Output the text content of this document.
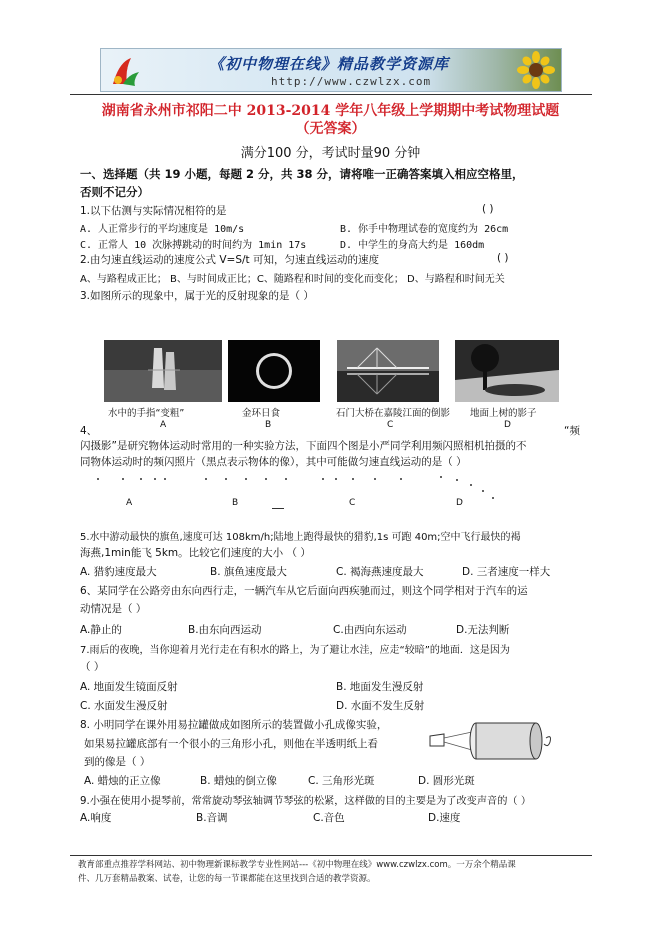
《初中物理在线》精品教学资源库
http://www.czwlzx.com
湖南省永州市祁阳二中 2013-2014 学年八年级上学期期中考试物理试题
（无答案）
满分100 分，考试时量90 分钟
一、选择题（共 19 小题，每题 2 分，共 38 分，请将唯一正确答案填入相应空格里，
否则不记分）
1.以下估测与实际情况相符的是	( )
A. 人正常步行的平均速度是 10m/s	B. 你手中物理试卷的宽度约为 26cm
C. 正常人 10 次脉搏跳动的时间约为 1min 17s	D. 中学生的身高大约是 160dm
2.由匀速直线运动的速度公式 V=S/t 可知，匀速直线运动的速度	( )
A、与路程成正比； B、与时间成正比；C、随路程和时间的变化而变化； D、与路程和时间无关
3.如图所示的现象中，属于光的反射现象的是（ ）
水中的手指“变粗”	金环日食	石门大桥在嘉陵江面的倒影 地面上树的影子
A	B	C	D
4、	“频
闪摄影”是研究物体运动时常用的一种实验方法，下面四个图是小严同学利用频闪照相机拍摄的不
同物体运动时的频闪照片（黑点表示物体的像），其中可能做匀速直线运动的是（ ）
A	B	C	D
5.水中游动最快的旗鱼,速度可达 108km/h;陆地上跑得最快的猎豹,1s 可跑 40m;空中飞行最快的褐
海燕,1min能飞 5km。比较它们速度的大小 （ ）
A. 猎豹速度最大	B. 旗鱼速度最大	C. 褐海燕速度最大	D. 三者速度一样大
6、某同学在公路旁由东向西行走，一辆汽车从它后面向西疾驰而过，则这个同学相对于汽车的运
动情况是（ ）
A.静止的	B.由东向西运动	C.由西向东运动	D.无法判断
7.雨后的夜晚，当你迎着月光行走在有积水的路上，为了避让水洼，应走“较暗”的地面．这是因为
（ ）
A. 地面发生镜面反射	B. 地面发生漫反射
C. 水面发生漫反射	D. 水面不发生反射
8. 小明同学在课外用易拉罐做成如图所示的装置做小孔成像实验，
如果易拉罐底部有一个很小的三角形小孔，则他在半透明纸上看
到的像是（ ）
A. 蜡烛的正立像	B. 蜡烛的倒立像	C. 三角形光斑	D. 圆形光斑
9.小强在使用小提琴前，常常旋动琴弦轴调节琴弦的松紧，这样做的目的主要是为了改变声音的（ ）
A.响度	B.音调	C.音色	D.速度
教育部重点推荐学科网站、初中物理新课标教学专业性网站---《初中物理在线》www.czwlzx.com。一万余个精品课
件、几万套精品教案、试卷，让您的每一节课都能在这里找到合适的教学资源。
